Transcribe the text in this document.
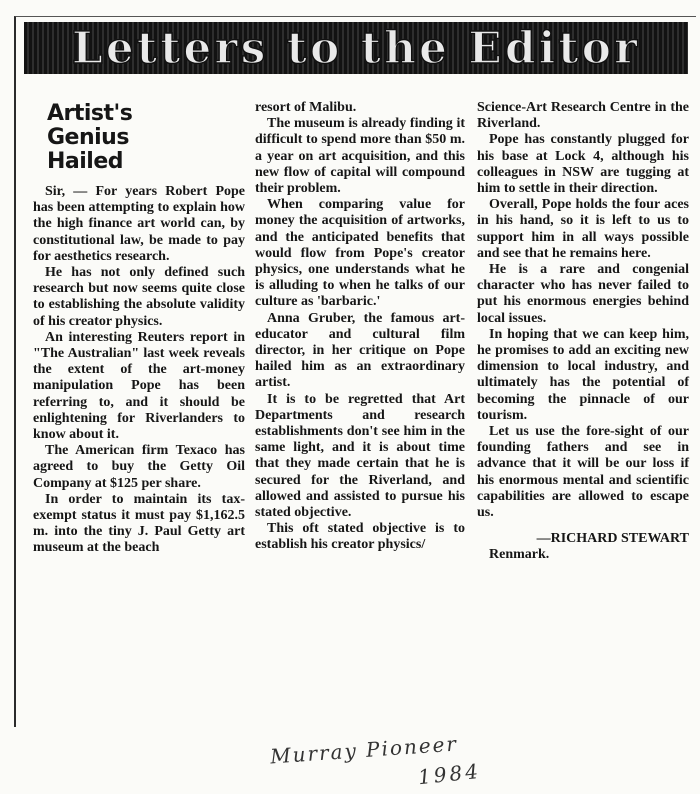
Letters to the Editor
Artist's
Genius
Hailed

Sir, — For years Robert Pope has been attempting to explain how the high finance art world can, by constitutional law, be made to pay for aesthetics research.

He has not only defined such research but now seems quite close to establishing the absolute validity of his creator physics.

An interesting Reuters report in "The Australian" last week reveals the extent of the art-money manipulation Pope has been referring to, and it should be enlightening for Riverlanders to know about it.

The American firm Texaco has agreed to buy the Getty Oil Company at $125 per share.

In order to maintain its tax-exempt status it must pay $1,162.5 m. into the tiny J. Paul Getty art museum at the beach

resort of Malibu.

The museum is already finding it difficult to spend more than $50 m. a year on art acquisition, and this new flow of capital will compound their problem.

When comparing value for money the acquisition of artworks, and the anticipated benefits that would flow from Pope's creator physics, one understands what he is alluding to when he talks of our culture as 'barbaric.'

Anna Gruber, the famous art-educator and cultural film director, in her critique on Pope hailed him as an extraordinary artist.

It is to be regretted that Art Departments and research establishments don't see him in the same light, and it is about time that they made certain that he is secured for the Riverland, and allowed and assisted to pursue his stated objective.

This oft stated objective is to establish his creator physics/

Science-Art Research Centre in the Riverland.

Pope has constantly plugged for his base at Lock 4, although his colleagues in NSW are tugging at him to settle in their direction.

Overall, Pope holds the four aces in his hand, so it is left to us to support him in all ways possible and see that he remains here.

He is a rare and congenial character who has never failed to put his enormous energies behind local issues.

In hoping that we can keep him, he promises to add an exciting new dimension to local industry, and ultimately has the potential of becoming the pinnacle of our tourism.

Let us use the fore-sight of our founding fathers and see in advance that it will be our loss if his enormous mental and scientific capabilities are allowed to escape us.

—RICHARD STEWART

Renmark.

Murray Pioneer
1984
